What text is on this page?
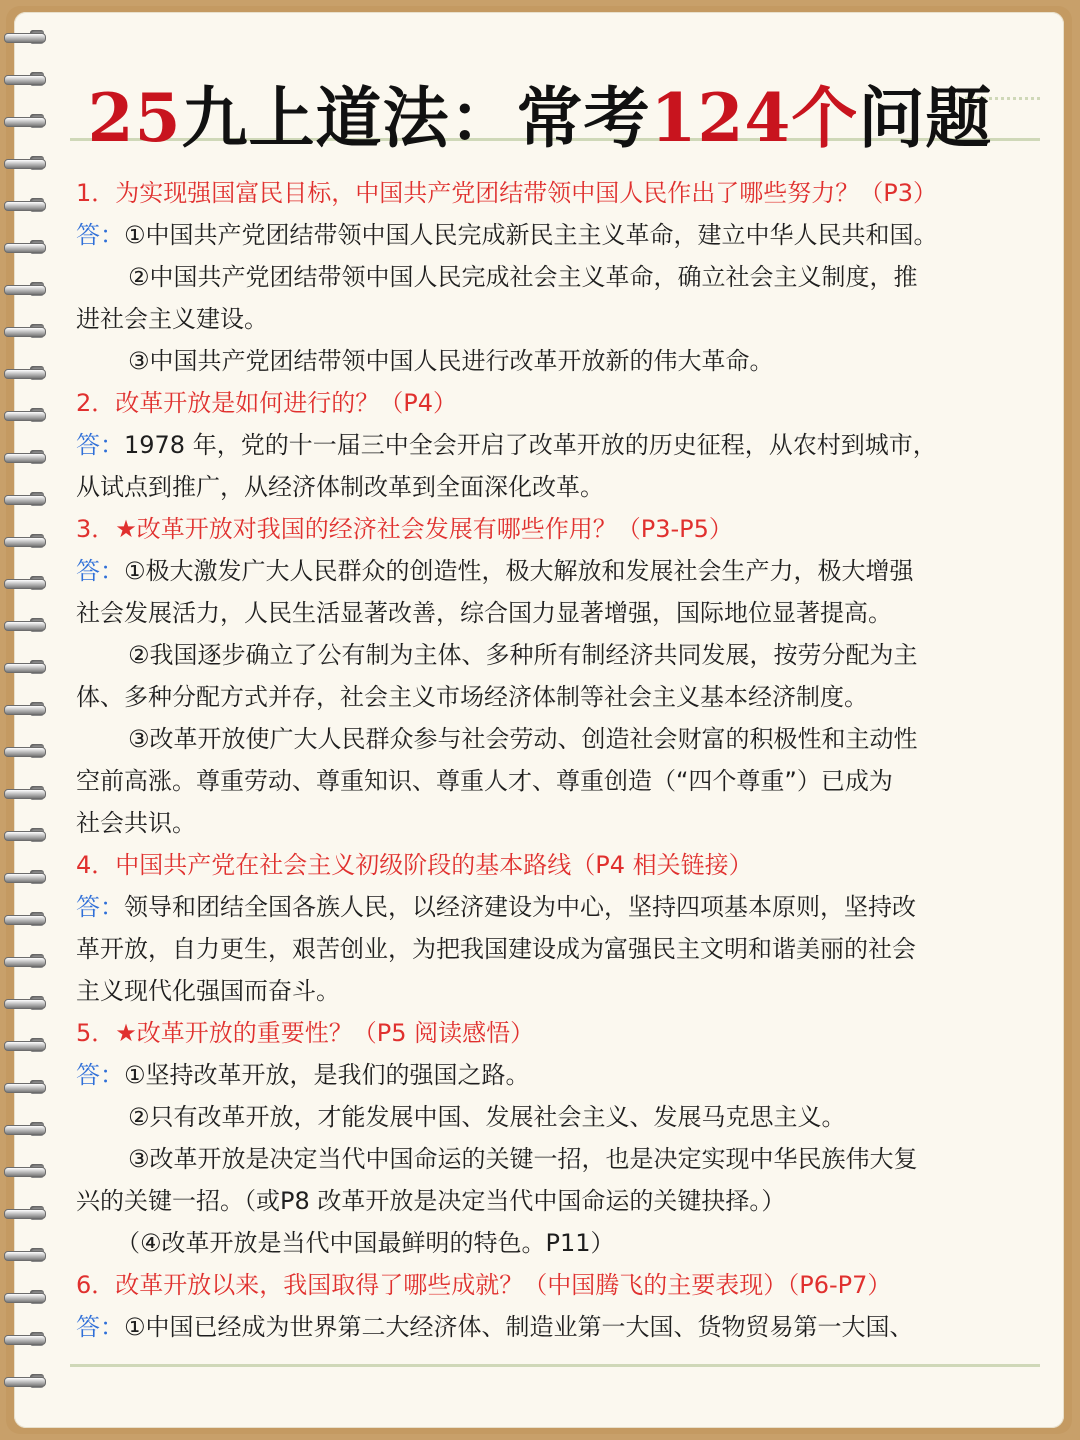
25九上道法：常考124个问题
1．为实现强国富民目标，中国共产党团结带领中国人民作出了哪些努力？（P3）
答：①中国共产党团结带领中国人民完成新民主主义革命，建立中华人民共和国。
②中国共产党团结带领中国人民完成社会主义革命，确立社会主义制度，推
进社会主义建设。
③中国共产党团结带领中国人民进行改革开放新的伟大革命。
2．改革开放是如何进行的？（P4）
答：1978 年，党的十一届三中全会开启了改革开放的历史征程，从农村到城市，
从试点到推广，从经济体制改革到全面深化改革。
3．★改革开放对我国的经济社会发展有哪些作用？（P3-P5）
答：①极大激发广大人民群众的创造性，极大解放和发展社会生产力，极大增强
社会发展活力，人民生活显著改善，综合国力显著增强，国际地位显著提高。
②我国逐步确立了公有制为主体、多种所有制经济共同发展，按劳分配为主
体、多种分配方式并存，社会主义市场经济体制等社会主义基本经济制度。
③改革开放使广大人民群众参与社会劳动、创造社会财富的积极性和主动性
空前高涨。尊重劳动、尊重知识、尊重人才、尊重创造（“四个尊重”）已成为
社会共识。
4．中国共产党在社会主义初级阶段的基本路线（P4 相关链接）
答：领导和团结全国各族人民，以经济建设为中心，坚持四项基本原则，坚持改
革开放，自力更生，艰苦创业，为把我国建设成为富强民主文明和谐美丽的社会
主义现代化强国而奋斗。
5．★改革开放的重要性？（P5 阅读感悟）
答：①坚持改革开放，是我们的强国之路。
②只有改革开放，才能发展中国、发展社会主义、发展马克思主义。
③改革开放是决定当代中国命运的关键一招，也是决定实现中华民族伟大复
兴的关键一招。（或P8 改革开放是决定当代中国命运的关键抉择。）
（④改革开放是当代中国最鲜明的特色。P11）
6．改革开放以来，我国取得了哪些成就？（中国腾飞的主要表现）（P6-P7）
答：①中国已经成为世界第二大经济体、制造业第一大国、货物贸易第一大国、
